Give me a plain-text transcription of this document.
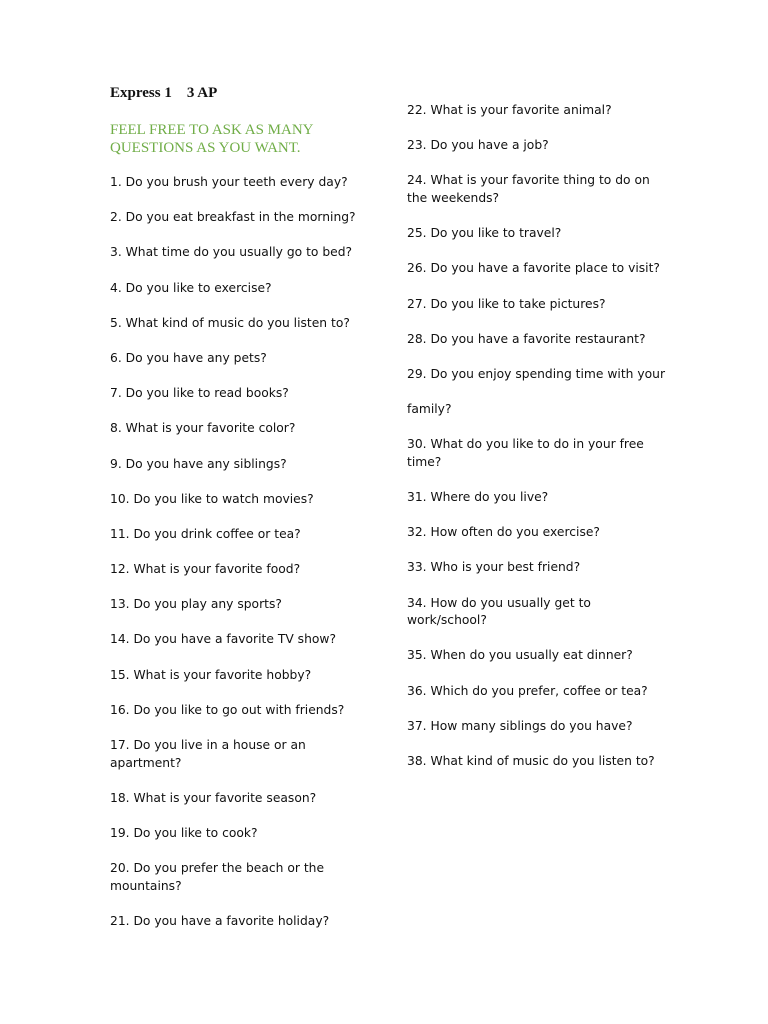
Express 1    3 AP
FEEL FREE TO ASK AS MANY QUESTIONS AS YOU WANT.

1. Do you brush your teeth every day?

2. Do you eat breakfast in the morning?

3. What time do you usually go to bed?

4. Do you like to exercise?

5. What kind of music do you listen to?

6. Do you have any pets?

7. Do you like to read books?

8. What is your favorite color?

9. Do you have any siblings?

10. Do you like to watch movies?

11. Do you drink coffee or tea?

12. What is your favorite food?

13. Do you play any sports?

14. Do you have a favorite TV show?

15. What is your favorite hobby?

16. Do you like to go out with friends?

17. Do you live in a house or an apartment?

18. What is your favorite season?

19. Do you like to cook?

20. Do you prefer the beach or the mountains?

21. Do you have a favorite holiday?

22. What is your favorite animal?

23. Do you have a job?

24. What is your favorite thing to do on the weekends?

25. Do you like to travel?

26. Do you have a favorite place to visit?

27. Do you like to take pictures?

28. Do you have a favorite restaurant?

29. Do you enjoy spending time with your

family?

30. What do you like to do in your free time?

31. Where do you live?

32. How often do you exercise?

33. Who is your best friend?

34. How do you usually get to work/school?

35. When do you usually eat dinner?

36. Which do you prefer, coffee or tea?

37. How many siblings do you have?

38. What kind of music do you listen to?
